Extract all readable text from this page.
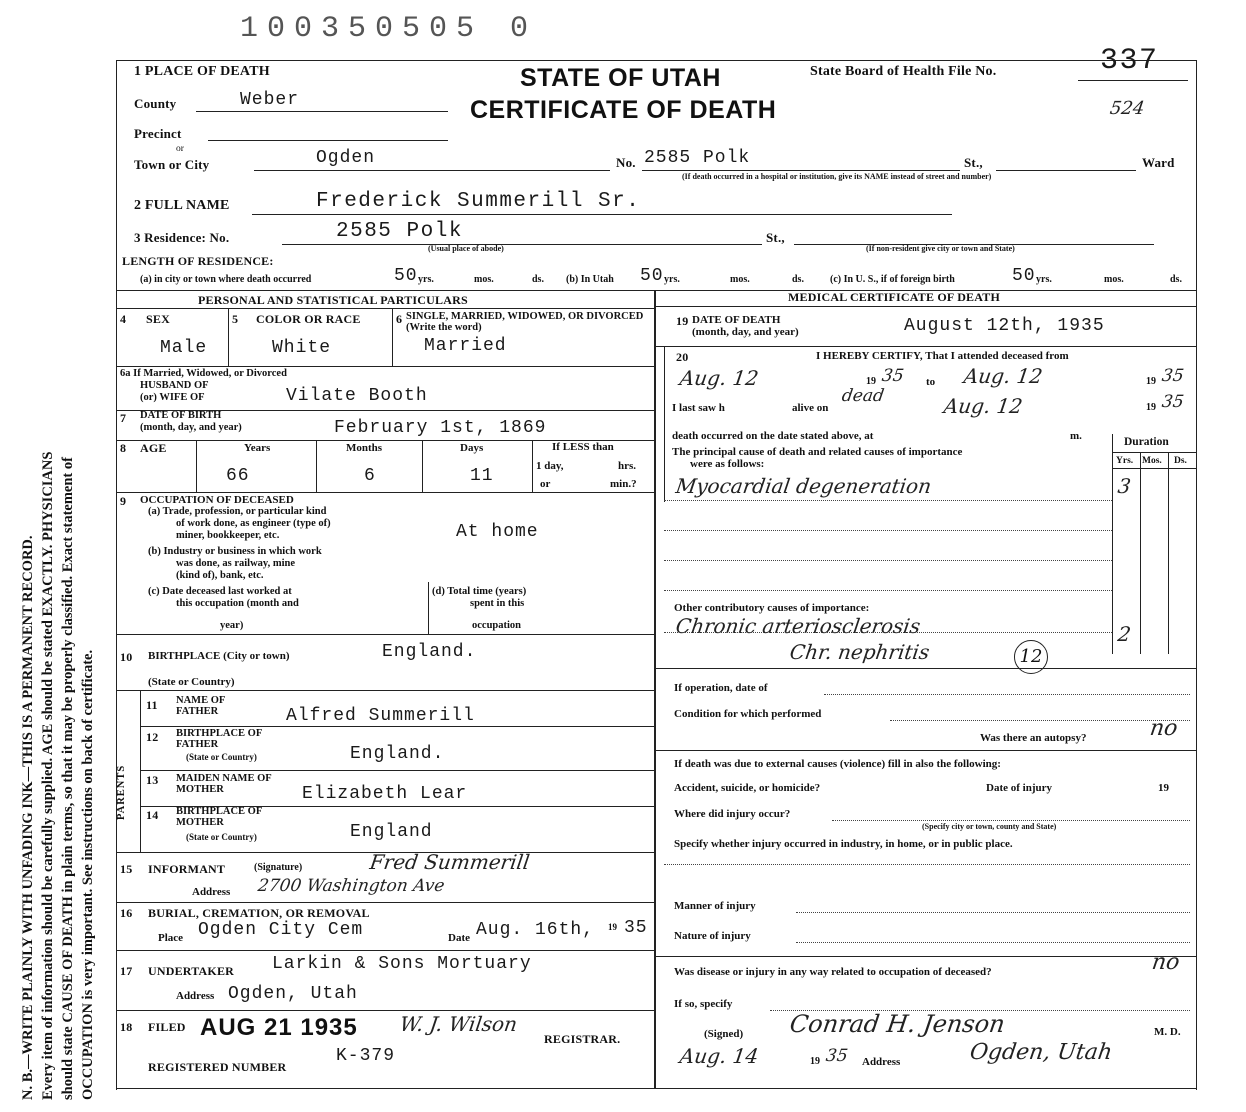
N. B.—WRITE PLAINLY WITH UNFADING INK—THIS IS A PERMANENT RECORD. Every item of information should be carefully supplied. AGE should be stated EXACTLY. PHYSICIANS should state CAUSE OF DEATH in plain terms, so that it may be properly classified. Exact statement of OCCUPATION is very important. See instructions on back of certificate.
100350505 0
1 PLACE OF DEATH	STATE OF UTAH
CERTIFICATE OF DEATH
State Board of Health File No.	337
524
County	Weber
Precinct
or
Town or City	Ogden	No. 2585 Polk	St.,	Ward
(If death occurred in a hospital or institution, give its NAME instead of street and number)
2 FULL NAME	Frederick Summerill Sr.
3 Residence: No.	2585 Polk	St.,
(Usual place of abode)	(If non-resident give city or town and State)
LENGTH OF RESIDENCE:
(a) in city or town where death occurred	50 yrs.	mos.	ds. (b) In Utah 50 yrs.	mos.	ds.	(c) In U. S., if of foreign birth	50 yrs.	mos.	ds.
PERSONAL AND STATISTICAL PARTICULARS	MEDICAL CERTIFICATE OF DEATH
4 SEX
Male
5 COLOR OR RACE
White
6 SINGLE, MARRIED, WIDOWED, OR DIVORCED (Write the word)
Married
6a If Married, Widowed, or Divorced
HUSBAND OF
(or) WIFE OF	Vilate Booth
7 DATE OF BIRTH
(month, day, and year)	February 1st, 1869
8 AGE	Years
66
Months
6
Days
11
If LESS than
1 day,	hrs.
or	min.?
9 OCCUPATION OF DECEASED
(a) Trade, profession, or particular kind
of work done, as engineer (type of)
miner, bookkeeper, etc.	At home
(b) Industry or business in which work
was done, as railway, mine
(kind of), bank, etc.
(c) Date deceased last worked at
this occupation (month and
year)
(d) Total time (years)
spent in this
occupation
10 BIRTHPLACE (City or town)	England.
(State or Country)
PARENTS
11 NAME OF FATHER	Alfred Summerill
12 BIRTHPLACE OF FATHER
(State or Country)	England.
13 MAIDEN NAME OF MOTHER	Elizabeth Lear
14 BIRTHPLACE OF MOTHER
(State or Country)	England
15 INFORMANT	(Signature)	Fred Summerill
Address 2700 Washington Ave
16 BURIAL, CREMATION, OR REMOVAL
Place Ogden City Cem	Date Aug. 16th, 19 35
17 UNDERTAKER Larkin & Sons Mortuary
Address Ogden, Utah
18 FILED AUG 21 1935 W. J. Wilson
REGISTRAR.
REGISTERED NUMBER
K-379
19 DATE OF DEATH
(month, day, and year)	August 12th, 1935
20	I HEREBY CERTIFY, That I attended deceased from
Aug. 12	19 35 to Aug. 12	19 35
I last saw h	alive on
dead	Aug. 12	19 35
death occurred on the date stated above, at	m.
The principal cause of death and related causes of importance
were as follows:
Duration
Yrs. Mos. Ds.
Myocardial degeneration	3
Other contributory causes of importance:
Chronic arteriosclerosis	2
Chr. nephritis	12
If operation, date of
Condition for which performed
Was there an autopsy?	no
If death was due to external causes (violence) fill in also the following:
Accident, suicide, or homicide?	Date of injury	19
Where did injury occur?
(Specify city or town, county and State)
Specify whether injury occurred in industry, in home, or in public place.
Manner of injury
Nature of injury
Was disease or injury in any way related to occupation of deceased?	no
If so, specify
(Signed) Conrad H. Jenson	M. D.
Aug. 14	19 35 Address	Ogden, Utah
